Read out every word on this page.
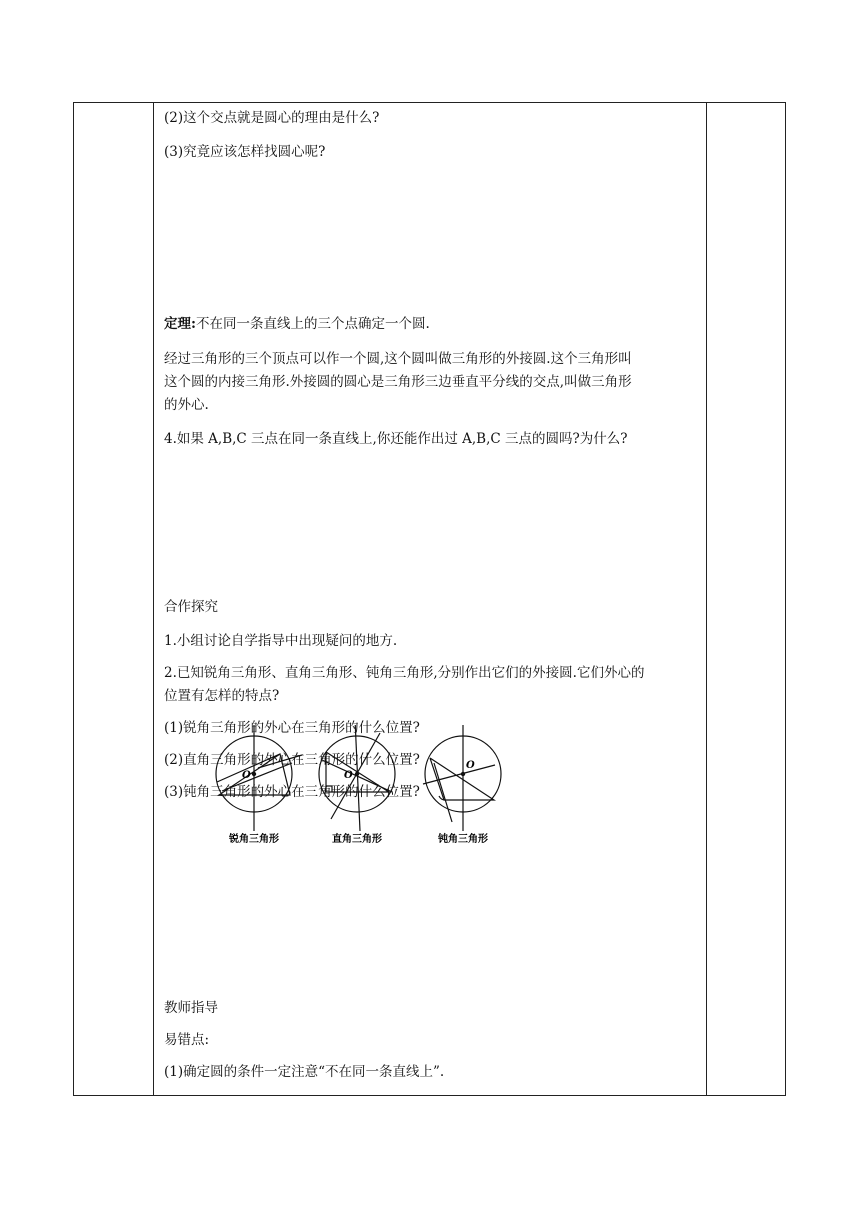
(2)这个交点就是圆心的理由是什么?
(3)究竟应该怎样找圆心呢?
定理:不在同一条直线上的三个点确定一个圆.
经过三角形的三个顶点可以作一个圆,这个圆叫做三角形的外接圆.这个三角形叫
这个圆的内接三角形.外接圆的圆心是三角形三边垂直平分线的交点,叫做三角形
的外心.
4.如果 A,B,C 三点在同一条直线上,你还能作出过 A,B,C 三点的圆吗?为什么?
合作探究
1.小组讨论自学指导中出现疑问的地方.
2.已知锐角三角形、直角三角形、钝角三角形,分别作出它们的外接圆.它们外心的
位置有怎样的特点?
(1)锐角三角形的外心在三角形的什么位置?
(2)直角三角形的外心在三角形的什么位置?
(3)钝角三角形的外心在三角形的什么位置?
教师指导
易错点:
(1)确定圆的条件一定注意“不在同一条直线上”.
O	O
O
锐角三角形	直角三角形	钝角三角形
